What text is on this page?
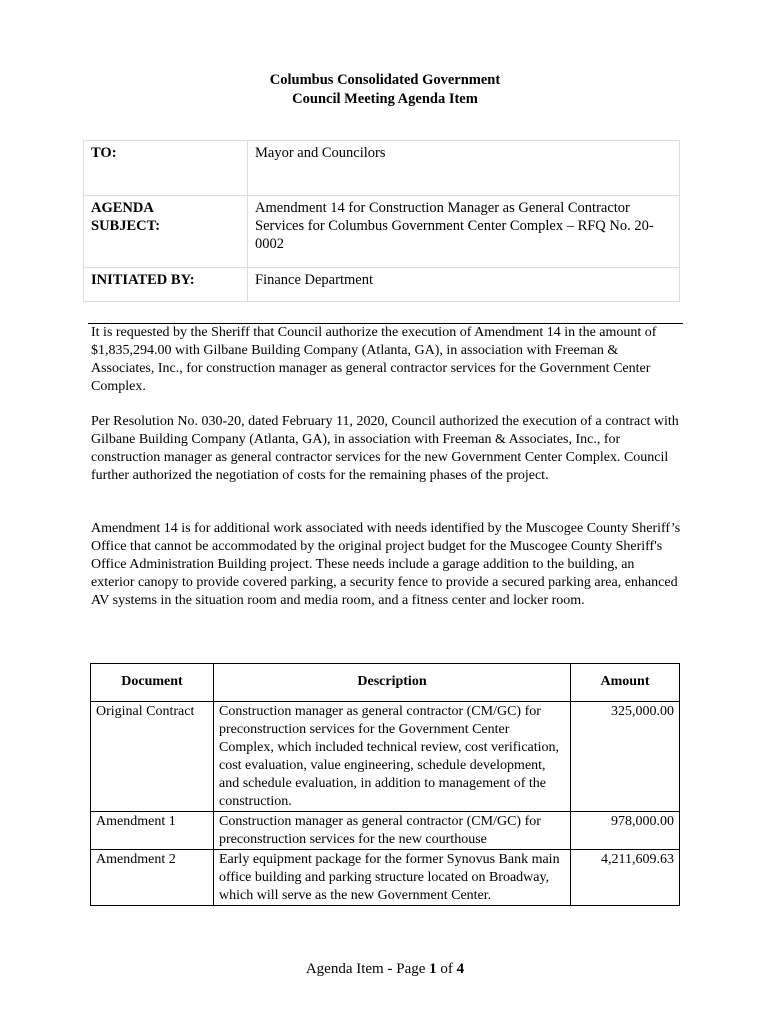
Columbus Consolidated Government
Council Meeting Agenda Item
TO:	Mayor and Councilors
AGENDA SUBJECT:	Amendment 14 for Construction Manager as General Contractor Services for Columbus Government Center Complex – RFQ No. 20-0002
INITIATED BY:	Finance Department

It is requested by the Sheriff that Council authorize the execution of Amendment 14 in the amount of $1,835,294.00 with Gilbane Building Company (Atlanta, GA), in association with Freeman & Associates, Inc., for construction manager as general contractor services for the Government Center Complex.

Per Resolution No. 030-20, dated February 11, 2020, Council authorized the execution of a contract with Gilbane Building Company (Atlanta, GA), in association with Freeman & Associates, Inc., for construction manager as general contractor services for the new Government Center Complex. Council further authorized the negotiation of costs for the remaining phases of the project.

Amendment 14 is for additional work associated with needs identified by the Muscogee County Sheriff’s Office that cannot be accommodated by the original project budget for the Muscogee County Sheriff's Office Administration Building project. These needs include a garage addition to the building, an exterior canopy to provide covered parking, a security fence to provide a secured parking area, enhanced AV systems in the situation room and media room, and a fitness center and locker room.

Document	Description	Amount
Original Contract	Construction manager as general contractor (CM/GC) for preconstruction services for the Government Center Complex, which included technical review, cost verification, cost evaluation, value engineering, schedule development, and schedule evaluation, in addition to management of the construction.	325,000.00
Amendment 1	Construction manager as general contractor (CM/GC) for preconstruction services for the new courthouse	978,000.00
Amendment 2	Early equipment package for the former Synovus Bank main office building and parking structure located on Broadway, which will serve as the new Government Center.	4,211,609.63
Agenda Item - Page 1 of 4
